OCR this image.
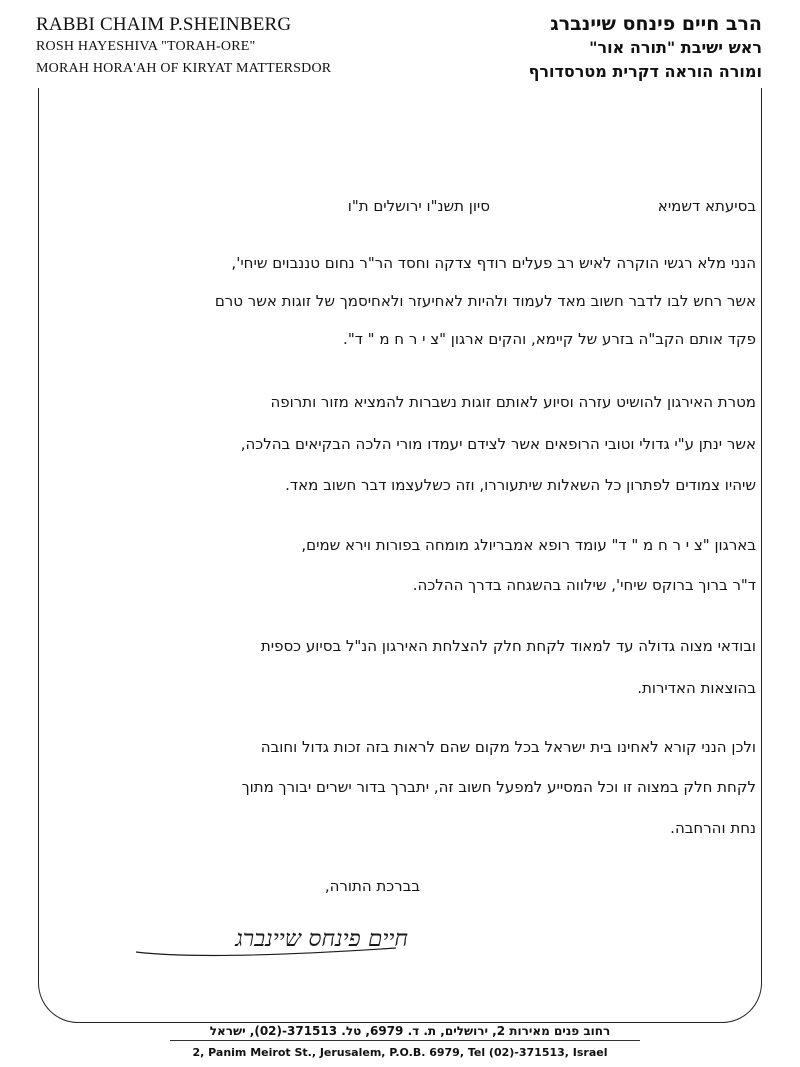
RABBI CHAIM P.SHEINBERG
ROSH HAYESHIVA "TORAH-ORE"
MORAH HORA'AH OF KIRYAT MATTERSDOR
הרב חיים פינחס שיינברג
ראש ישיבת "תורה אור"
ומורה הוראה דקרית מטרסדורף
בסיעתא דשמיא
סיון תשנ"ו ירושלים ת"ו
הנני מלא רגשי הוקרה לאיש רב פעלים רודף צדקה וחסד הר"ר נחום טננבוים שיחי',
אשר רחש לבו לדבר חשוב מאד לעמוד ולהיות לאחיעזר ולאחיסמך של זוגות אשר טרם
פקד אותם הקב"ה בזרע של קיימא, והקים ארגון "צ י ר ח מ " ד".
מטרת האירגון להושיט עזרה וסיוע לאותם זוגות נשברות להמציא מזור ותרופה
אשר ינתן ע"י גדולי וטובי הרופאים אשר לצידם יעמדו מורי הלכה הבקיאים בהלכה,
שיהיו צמודים לפתרון כל השאלות שיתעוררו, וזה כשלעצמו דבר חשוב מאד.
בארגון "צ י ר ח מ " ד" עומד רופא אמבריולג מומחה בפורות וירא שמים,
ד"ר ברוך ברוקס שיחי', שילווה בהשגחה בדרך ההלכה.
ובודאי מצוה גדולה עד למאוד לקחת חלק להצלחת האירגון הנ"ל בסיוע כספית
בהוצאות האדירות.
ולכן הנני קורא לאחינו בית ישראל בכל מקום שהם לראות בזה זכות גדול וחובה
לקחת חלק במצוה זו וכל המסייע למפעל חשוב זה, יתברך בדור ישרים יבורך מתוך
נחת והרחבה.
בברכת התורה,
חיים פינחס שיינברג
רחוב פנים מאירות 2, ירושלים, ת. ד. 6979, טל. 371513-(02), ישראל
2, Panim Meirot St., Jerusalem, P.O.B. 6979, Tel (02)-371513, Israel
